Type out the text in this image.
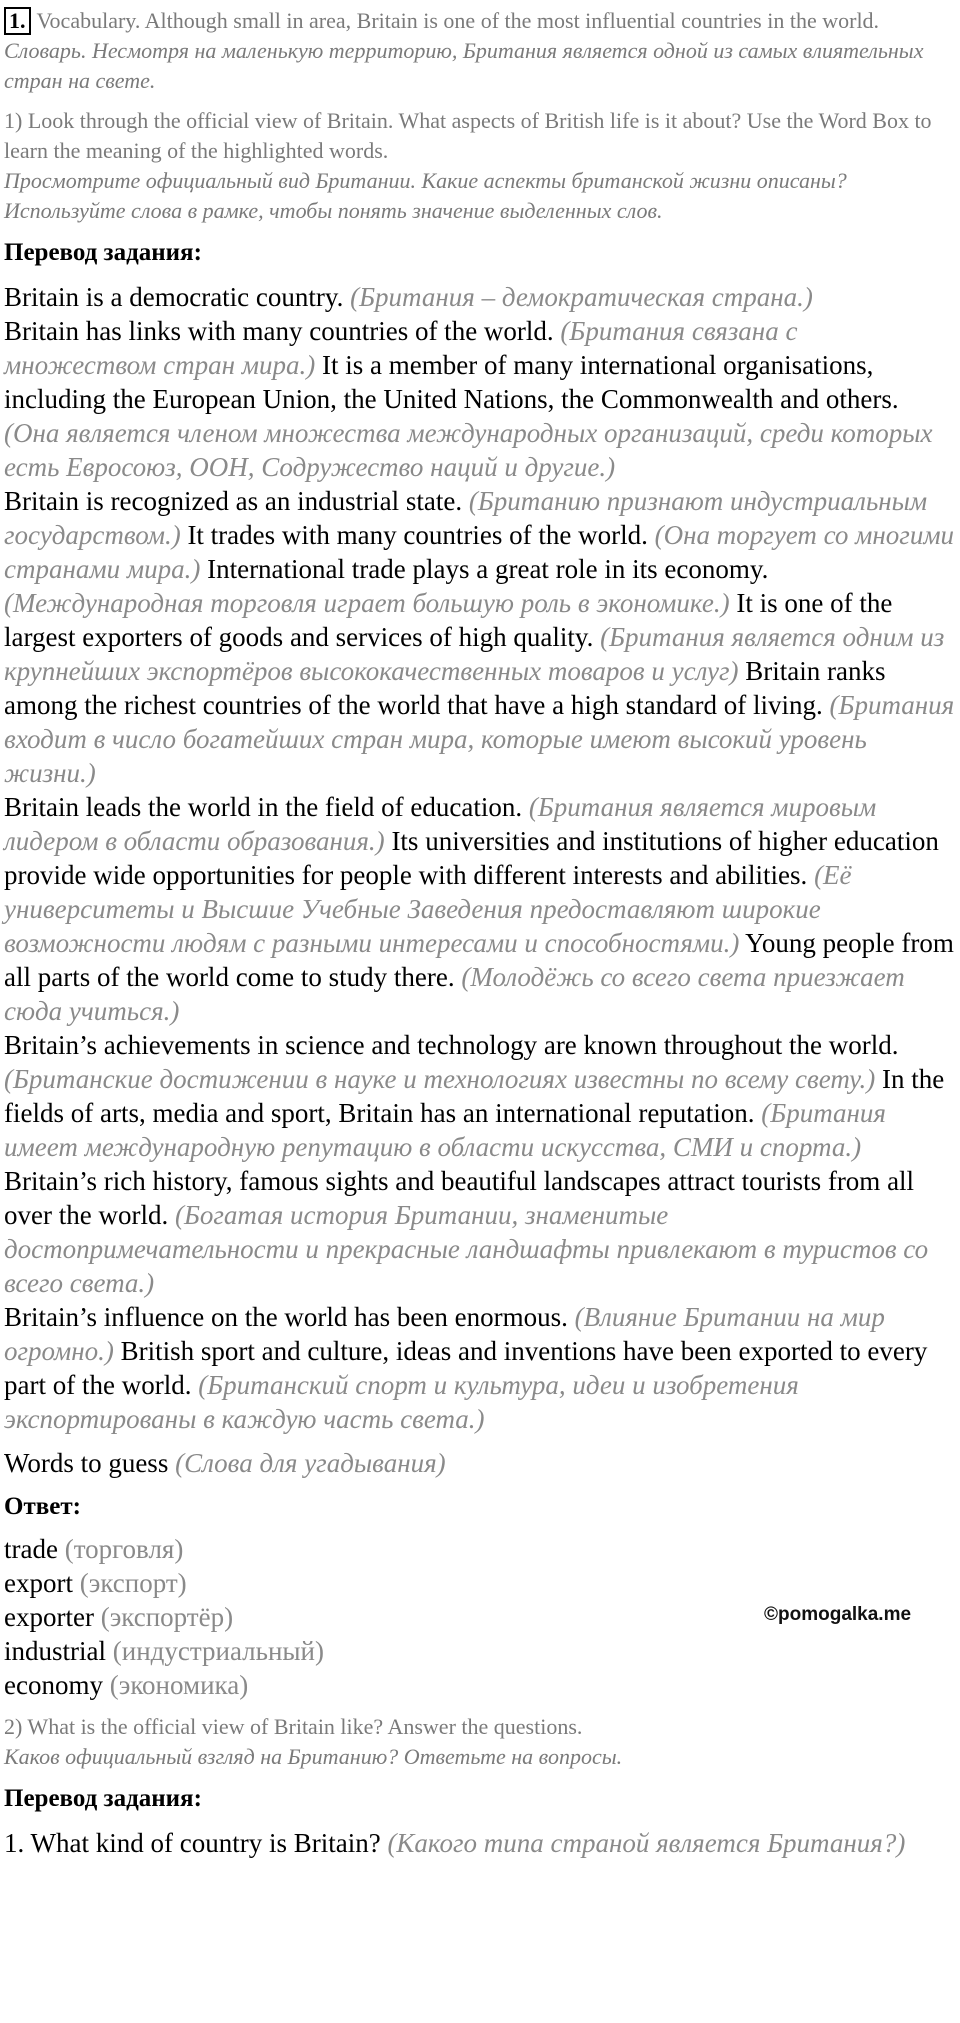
1. Vocabulary. Although small in area, Britain is one of the most influential countries in the world.
Словарь. Несмотря на маленькую территорию, Британия является одной из самых влиятельных стран на свете.
1) Look through the official view of Britain. What aspects of British life is it about? Use the Word Box to learn the meaning of the highlighted words.
Просмотрите официальный вид Британии. Какие аспекты британской жизни описаны? Используйте слова в рамке, чтобы понять значение выделенных слов.
Перевод задания:
Britain is a democratic country. (Британия – демократическая страна.)
Britain has links with many countries of the world. (Британия связана с множеством стран мира.) It is a member of many international organisations, including the European Union, the United Nations, the Commonwealth and others. (Она является членом множества международных организаций, среди которых есть Евросоюз, ООН, Содружество наций и другие.)
Britain is recognized as an industrial state. (Британию признают индустриальным государством.) It trades with many countries of the world. (Она торгует со многими странами мира.) International trade plays a great role in its economy. (Международная торговля играет большую роль в экономике.) It is one of the largest exporters of goods and services of high quality. (Британия является одним из крупнейших экспортёров высококачественных товаров и услуг) Britain ranks among the richest countries of the world that have a high standard of living. (Британия входит в число богатейших стран мира, которые имеют высокий уровень жизни.)
Britain leads the world in the field of education. (Британия является мировым лидером в области образования.) Its universities and institutions of higher education provide wide opportunities for people with different interests and abilities. (Её университеты и Высшие Учебные Заведения предоставляют широкие возможности людям с разными интересами и способностями.) Young people from all parts of the world come to study there. (Молодёжь со всего света приезжает сюда учиться.)
Britain’s achievements in science and technology are known throughout the world. (Британские достижении в науке и технологиях известны по всему свету.) In the fields of arts, media and sport, Britain has an international reputation. (Британия имеет международную репутацию в области искусства, СМИ и спорта.)
Britain’s rich history, famous sights and beautiful landscapes attract tourists from all over the world. (Богатая история Британии, знаменитые достопримечательности и прекрасные ландшафты привлекают в туристов со всего света.)
Britain’s influence on the world has been enormous. (Влияние Британии на мир огромно.) British sport and culture, ideas and inventions have been exported to every part of the world. (Британский спорт и культура, идеи и изобретения экспортированы в каждую часть света.)
Words to guess (Слова для угадывания)
Ответ:
trade (торговля)
export (экспорт)
exporter (экспортёр)
industrial (индустриальный)
economy (экономика)
©pomogalka.me
2) What is the official view of Britain like? Answer the questions.
Каков официальный взгляд на Британию? Ответьте на вопросы.
Перевод задания:
1. What kind of country is Britain? (Какого типа страной является Британия?)
